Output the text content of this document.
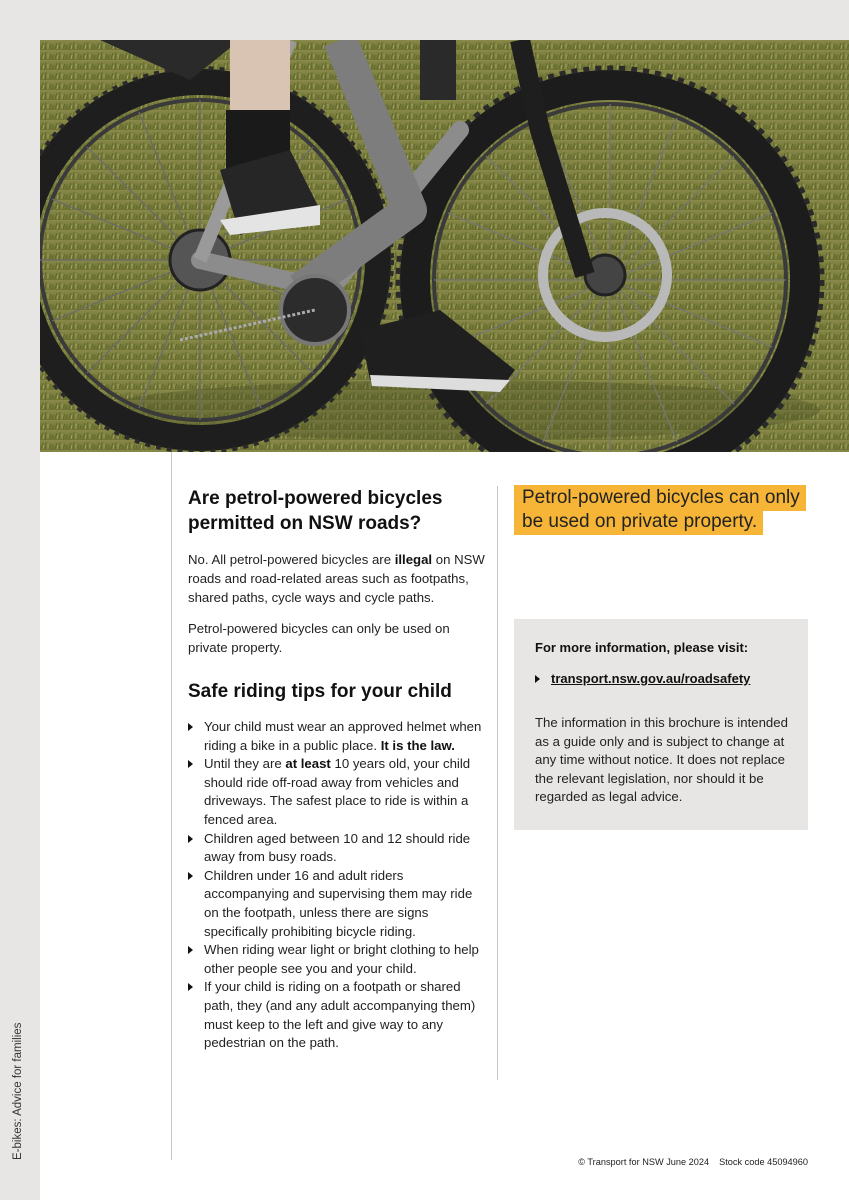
E-bikes: Advice for families
Are petrol-powered bicycles permitted on NSW roads?

No. All petrol-powered bicycles are illegal on NSW roads and road-related areas such as footpaths, shared paths, cycle ways and cycle paths.

Petrol-powered bicycles can only be used on private property.

Safe riding tips for your child
Your child must wear an approved helmet when riding a bike in a public place. It is the law.
Until they are at least 10 years old, your child should ride off-road away from vehicles and driveways. The safest place to ride is within a fenced area.
Children aged between 10 and 12 should ride away from busy roads.
Children under 16 and adult riders accompanying and supervising them may ride on the footpath, unless there are signs specifically prohibiting bicycle riding.
When riding wear light or bright clothing to help other people see you and your child.
If your child is riding on a footpath or shared path, they (and any adult accompanying them) must keep to the left and give way to any pedestrian on the path.
Petrol-powered bicycles can only be used on private property.
For more information, please visit:
transport.nsw.gov.au/roadsafety
The information in this brochure is intended as a guide only and is subject to change at any time without notice. It does not replace the relevant legislation, nor should it be regarded as legal advice.
© Transport for NSW June 2024 Stock code 45094960
